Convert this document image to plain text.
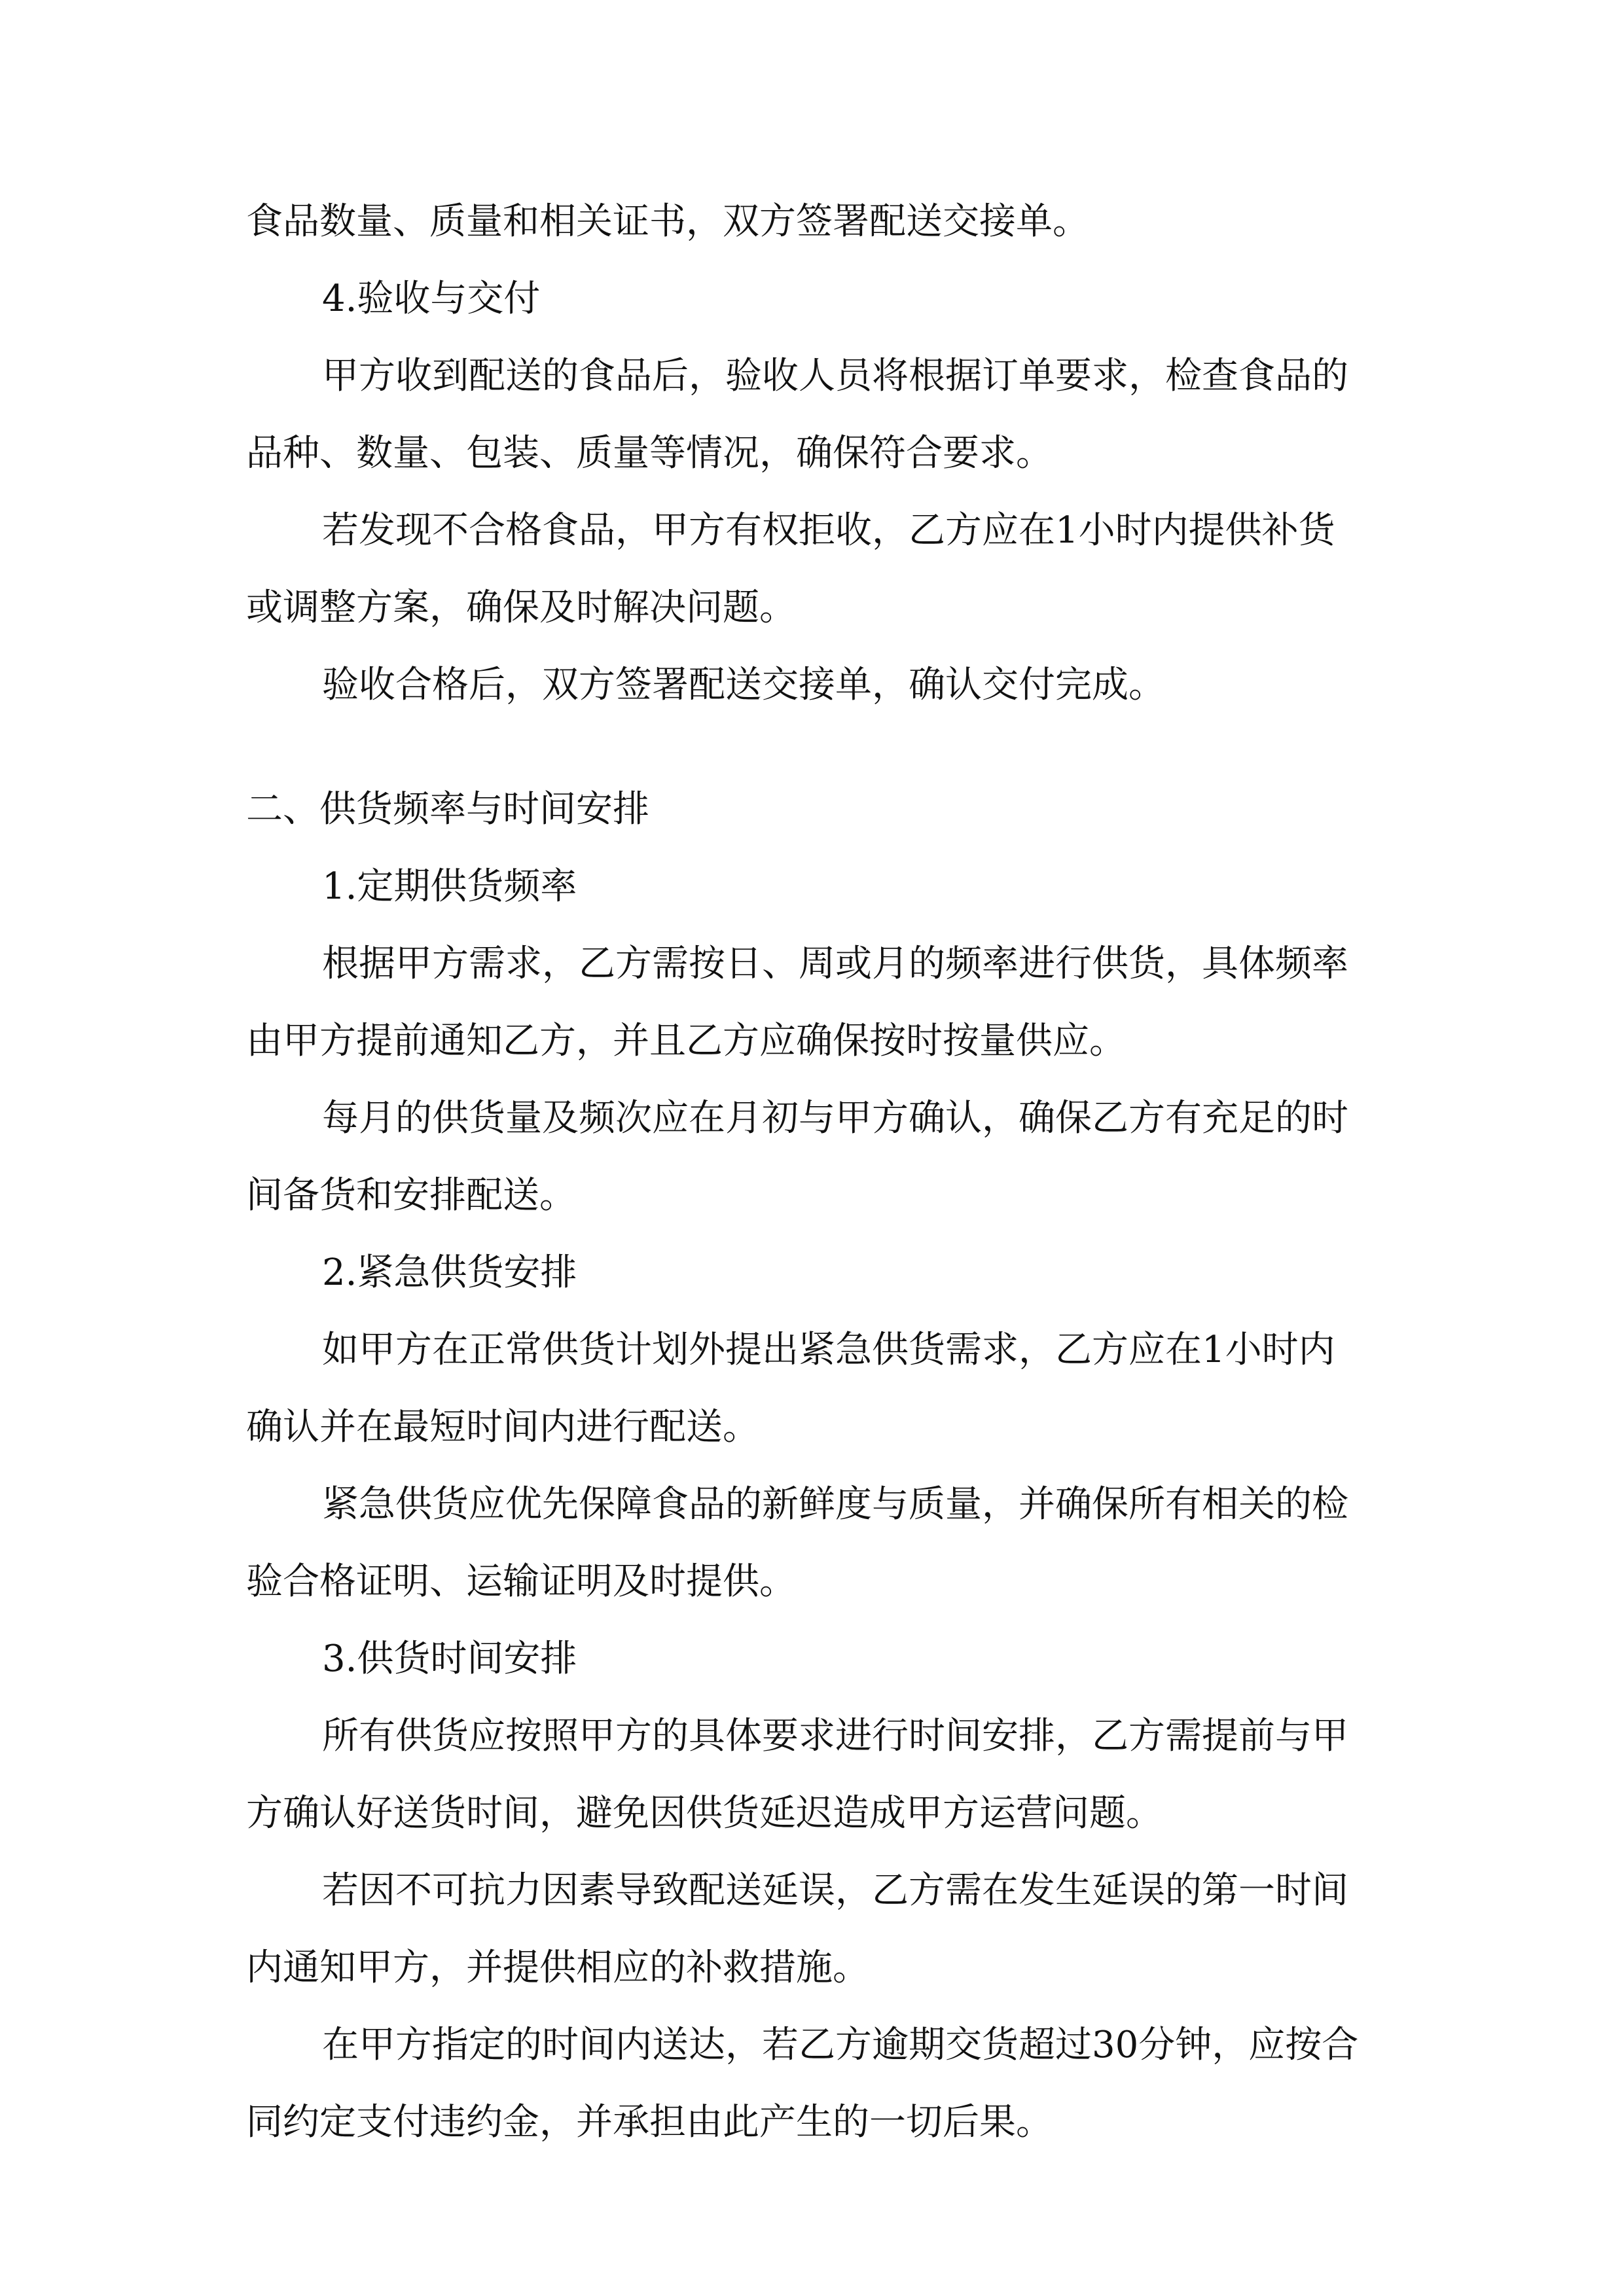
食品数量、质量和相关证书，双方签署配送交接单。
4.验收与交付
甲方收到配送的食品后，验收人员将根据订单要求，检查食品的
品种、数量、包装、质量等情况，确保符合要求。
若发现不合格食品，甲方有权拒收，乙方应在1小时内提供补货
或调整方案，确保及时解决问题。
验收合格后，双方签署配送交接单，确认交付完成。
二、供货频率与时间安排
1.定期供货频率
根据甲方需求，乙方需按日、周或月的频率进行供货，具体频率
由甲方提前通知乙方，并且乙方应确保按时按量供应。
每月的供货量及频次应在月初与甲方确认，确保乙方有充足的时
间备货和安排配送。
2.紧急供货安排
如甲方在正常供货计划外提出紧急供货需求，乙方应在1小时内
确认并在最短时间内进行配送。
紧急供货应优先保障食品的新鲜度与质量，并确保所有相关的检
验合格证明、运输证明及时提供。
3.供货时间安排
所有供货应按照甲方的具体要求进行时间安排，乙方需提前与甲
方确认好送货时间，避免因供货延迟造成甲方运营问题。
若因不可抗力因素导致配送延误，乙方需在发生延误的第一时间
内通知甲方，并提供相应的补救措施。
在甲方指定的时间内送达，若乙方逾期交货超过30分钟，应按合
同约定支付违约金，并承担由此产生的一切后果。
